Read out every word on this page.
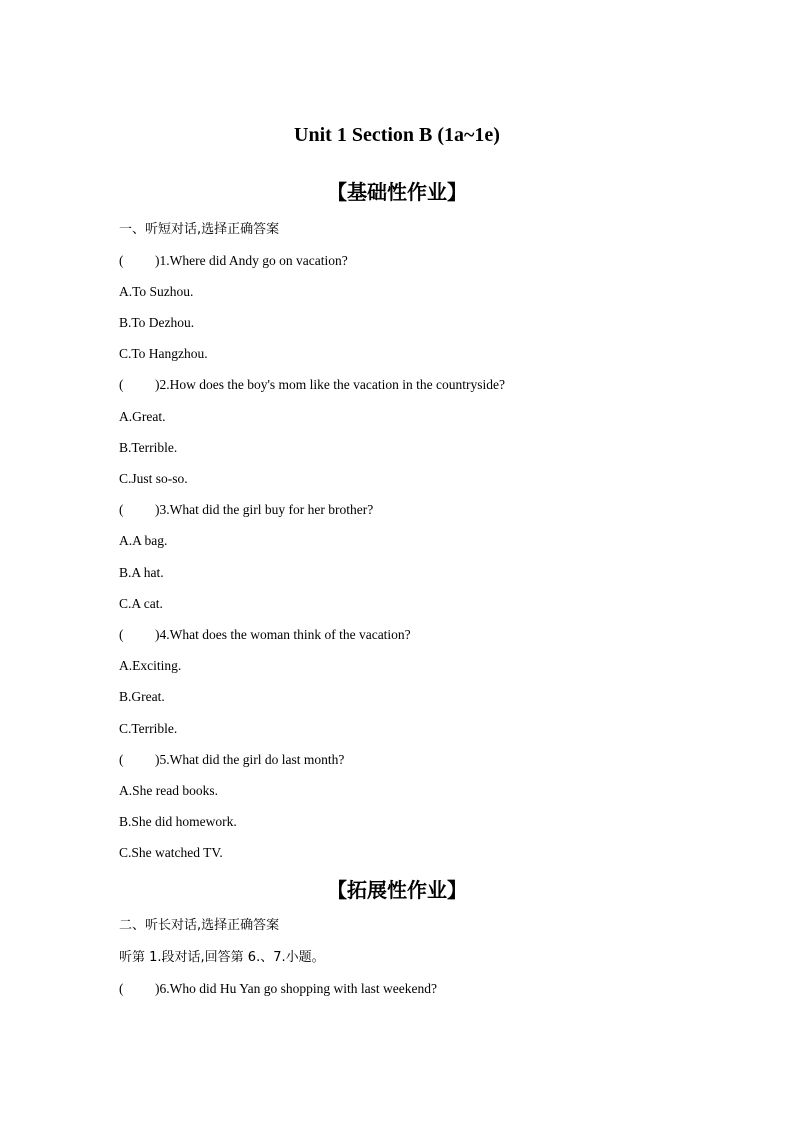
Unit 1 Section B (1a~1e)
【基础性作业】
一、听短对话,选择正确答案
( )1.Where did Andy go on vacation?
A.To Suzhou.
B.To Dezhou.
C.To Hangzhou.
( )2.How does the boy's mom like the vacation in the countryside?
A.Great.
B.Terrible.
C.Just so-so.
( )3.What did the girl buy for her brother?
A.A bag.
B.A hat.
C.A cat.
( )4.What does the woman think of the vacation?
A.Exciting.
B.Great.
C.Terrible.
( )5.What did the girl do last month?
A.She read books.
B.She did homework.
C.She watched TV.
【拓展性作业】
二、听长对话,选择正确答案
听第 1.段对话,回答第 6.、7.小题。
( )6.Who did Hu Yan go shopping with last weekend?
